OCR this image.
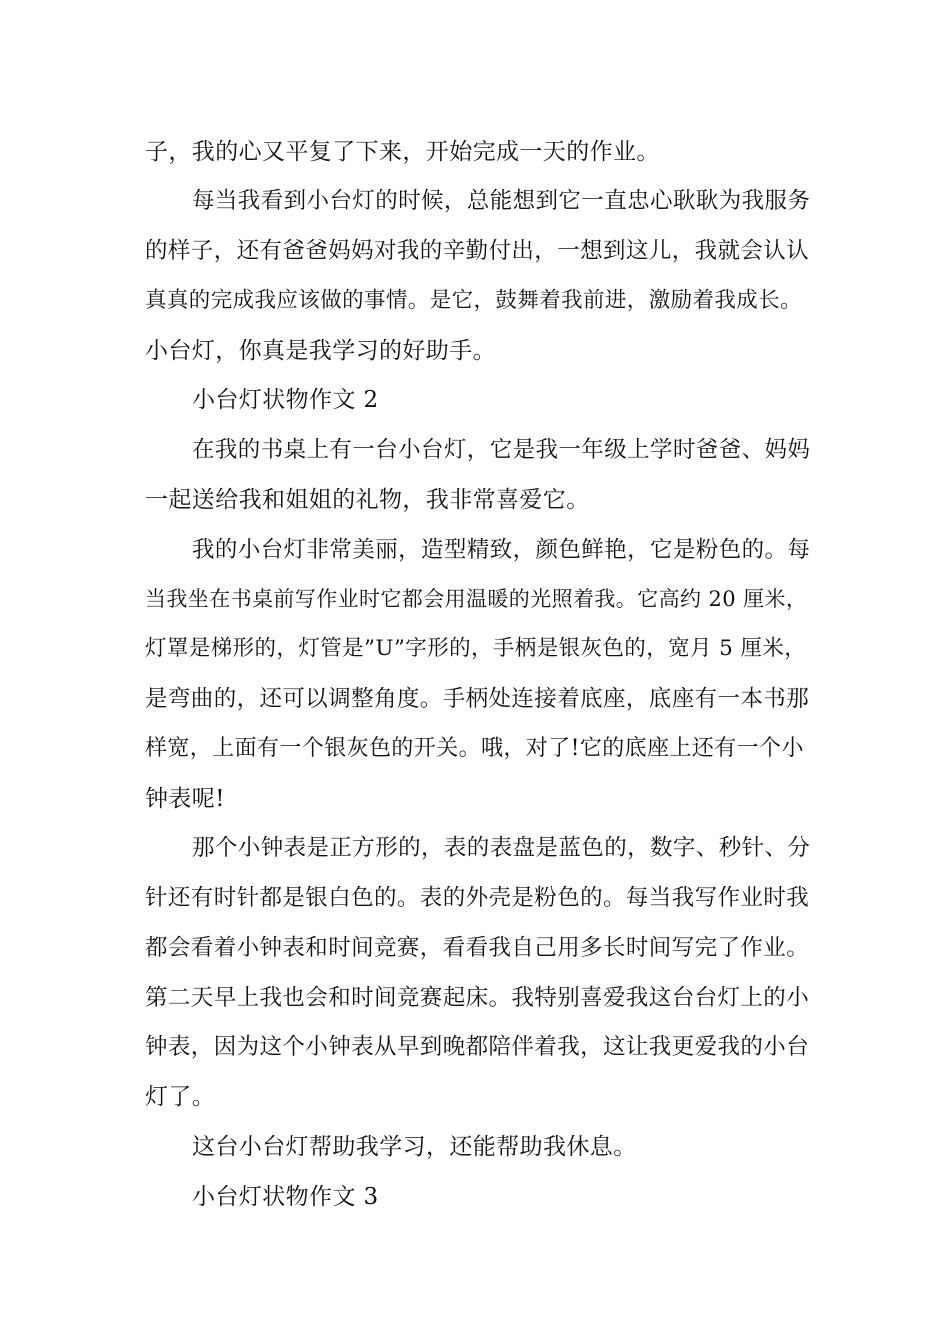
子，我的心又平复了下来，开始完成一天的作业。
每当我看到小台灯的时候，总能想到它一直忠心耿耿为我服务
的样子，还有爸爸妈妈对我的辛勤付出，一想到这儿，我就会认认
真真的完成我应该做的事情。是它，鼓舞着我前进，激励着我成长。
小台灯，你真是我学习的好助手。
小台灯状物作文 2
在我的书桌上有一台小台灯，它是我一年级上学时爸爸、妈妈
一起送给我和姐姐的礼物，我非常喜爱它。
我的小台灯非常美丽，造型精致，颜色鲜艳，它是粉色的。每
当我坐在书桌前写作业时它都会用温暖的光照着我。它高约 20 厘米，
灯罩是梯形的，灯管是”U”字形的，手柄是银灰色的，宽月 5 厘米，
是弯曲的，还可以调整角度。手柄处连接着底座，底座有一本书那
样宽，上面有一个银灰色的开关。哦，对了!它的底座上还有一个小
钟表呢!
那个小钟表是正方形的，表的表盘是蓝色的，数字、秒针、分
针还有时针都是银白色的。表的外壳是粉色的。每当我写作业时我
都会看着小钟表和时间竞赛，看看我自己用多长时间写完了作业。
第二天早上我也会和时间竞赛起床。我特别喜爱我这台台灯上的小
钟表，因为这个小钟表从早到晚都陪伴着我，这让我更爱我的小台
灯了。
这台小台灯帮助我学习，还能帮助我休息。
小台灯状物作文 3
